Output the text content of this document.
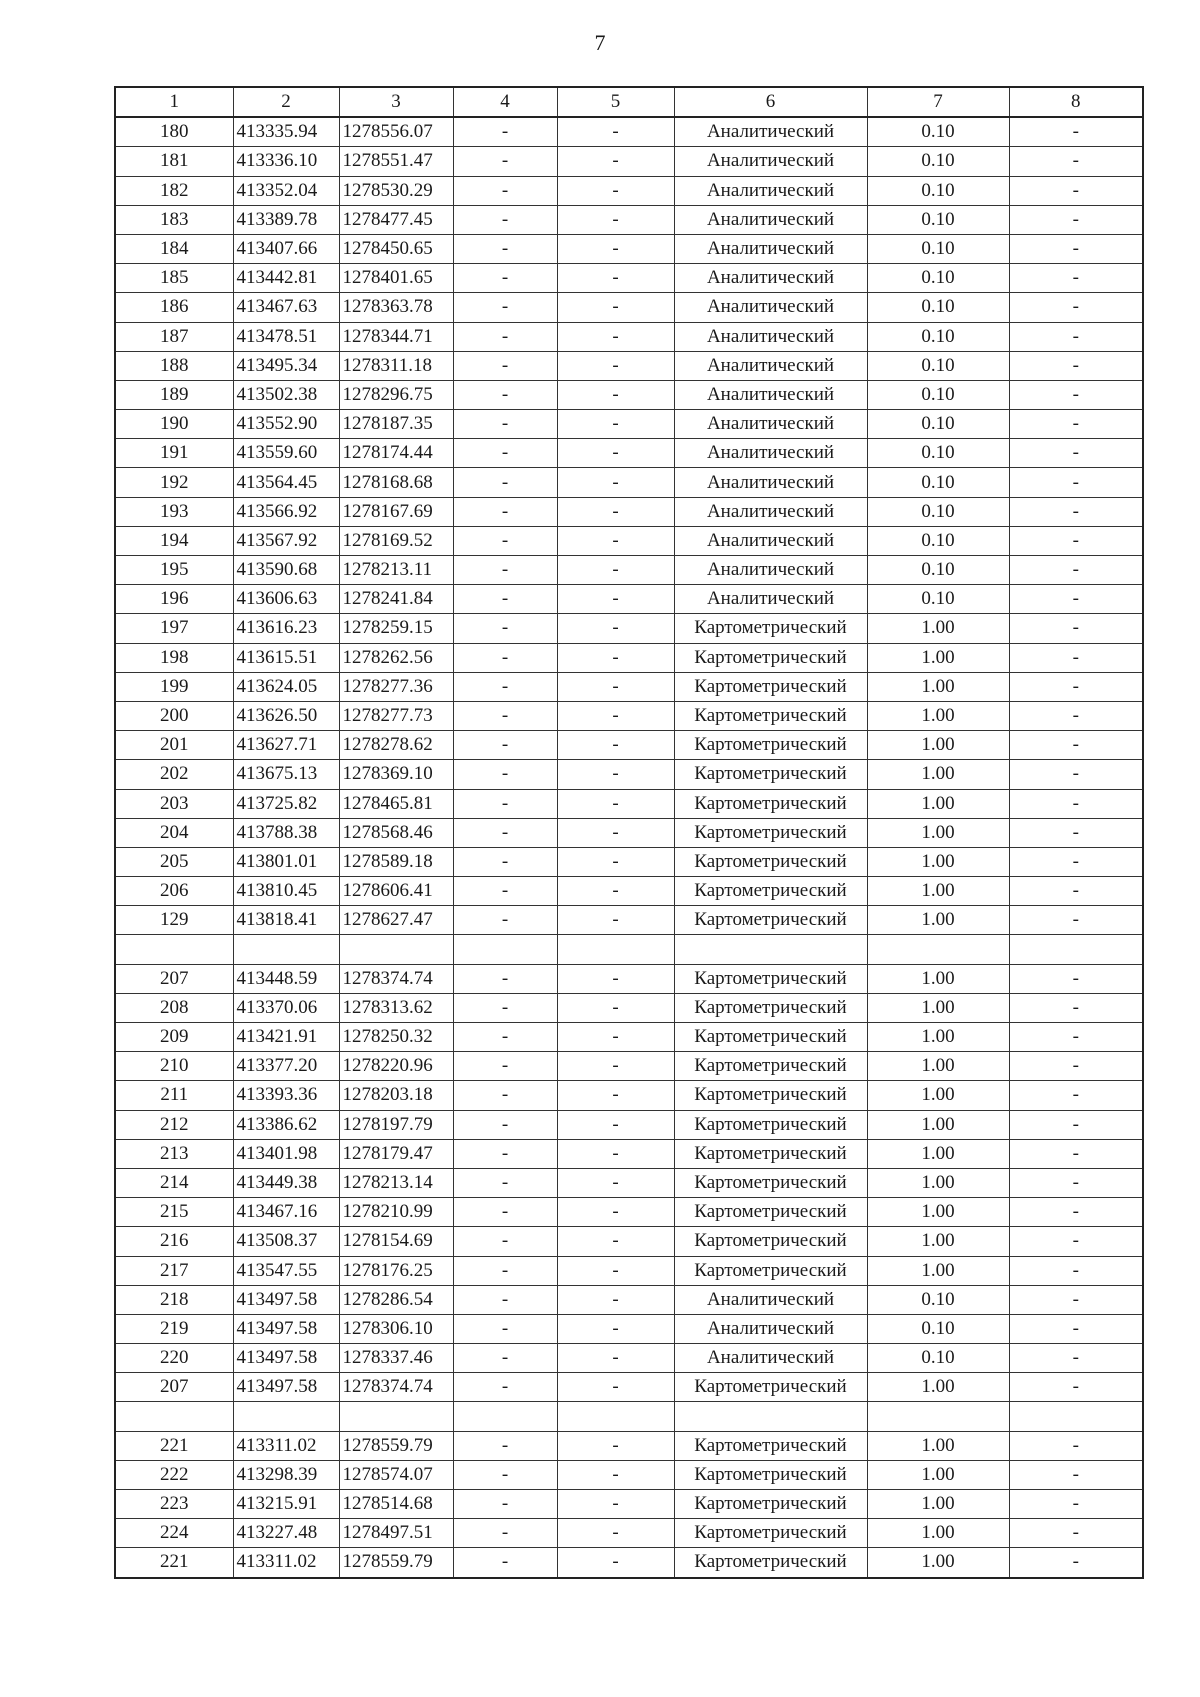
7
1	2	3	4	5	6	7	8
180	413335.94	1278556.07	-	-	Аналитический	0.10	-
181	413336.10	1278551.47	-	-	Аналитический	0.10	-
182	413352.04	1278530.29	-	-	Аналитический	0.10	-
183	413389.78	1278477.45	-	-	Аналитический	0.10	-
184	413407.66	1278450.65	-	-	Аналитический	0.10	-
185	413442.81	1278401.65	-	-	Аналитический	0.10	-
186	413467.63	1278363.78	-	-	Аналитический	0.10	-
187	413478.51	1278344.71	-	-	Аналитический	0.10	-
188	413495.34	1278311.18	-	-	Аналитический	0.10	-
189	413502.38	1278296.75	-	-	Аналитический	0.10	-
190	413552.90	1278187.35	-	-	Аналитический	0.10	-
191	413559.60	1278174.44	-	-	Аналитический	0.10	-
192	413564.45	1278168.68	-	-	Аналитический	0.10	-
193	413566.92	1278167.69	-	-	Аналитический	0.10	-
194	413567.92	1278169.52	-	-	Аналитический	0.10	-
195	413590.68	1278213.11	-	-	Аналитический	0.10	-
196	413606.63	1278241.84	-	-	Аналитический	0.10	-
197	413616.23	1278259.15	-	-	Картометрический	1.00	-
198	413615.51	1278262.56	-	-	Картометрический	1.00	-
199	413624.05	1278277.36	-	-	Картометрический	1.00	-
200	413626.50	1278277.73	-	-	Картометрический	1.00	-
201	413627.71	1278278.62	-	-	Картометрический	1.00	-
202	413675.13	1278369.10	-	-	Картометрический	1.00	-
203	413725.82	1278465.81	-	-	Картометрический	1.00	-
204	413788.38	1278568.46	-	-	Картометрический	1.00	-
205	413801.01	1278589.18	-	-	Картометрический	1.00	-
206	413810.45	1278606.41	-	-	Картометрический	1.00	-
129	413818.41	1278627.47	-	-	Картометрический	1.00	-

207	413448.59	1278374.74	-	-	Картометрический	1.00	-
208	413370.06	1278313.62	-	-	Картометрический	1.00	-
209	413421.91	1278250.32	-	-	Картометрический	1.00	-
210	413377.20	1278220.96	-	-	Картометрический	1.00	-
211	413393.36	1278203.18	-	-	Картометрический	1.00	-
212	413386.62	1278197.79	-	-	Картометрический	1.00	-
213	413401.98	1278179.47	-	-	Картометрический	1.00	-
214	413449.38	1278213.14	-	-	Картометрический	1.00	-
215	413467.16	1278210.99	-	-	Картометрический	1.00	-
216	413508.37	1278154.69	-	-	Картометрический	1.00	-
217	413547.55	1278176.25	-	-	Картометрический	1.00	-
218	413497.58	1278286.54	-	-	Аналитический	0.10	-
219	413497.58	1278306.10	-	-	Аналитический	0.10	-
220	413497.58	1278337.46	-	-	Аналитический	0.10	-
207	413497.58	1278374.74	-	-	Картометрический	1.00	-

221	413311.02	1278559.79	-	-	Картометрический	1.00	-
222	413298.39	1278574.07	-	-	Картометрический	1.00	-
223	413215.91	1278514.68	-	-	Картометрический	1.00	-
224	413227.48	1278497.51	-	-	Картометрический	1.00	-
221	413311.02	1278559.79	-	-	Картометрический	1.00	-
